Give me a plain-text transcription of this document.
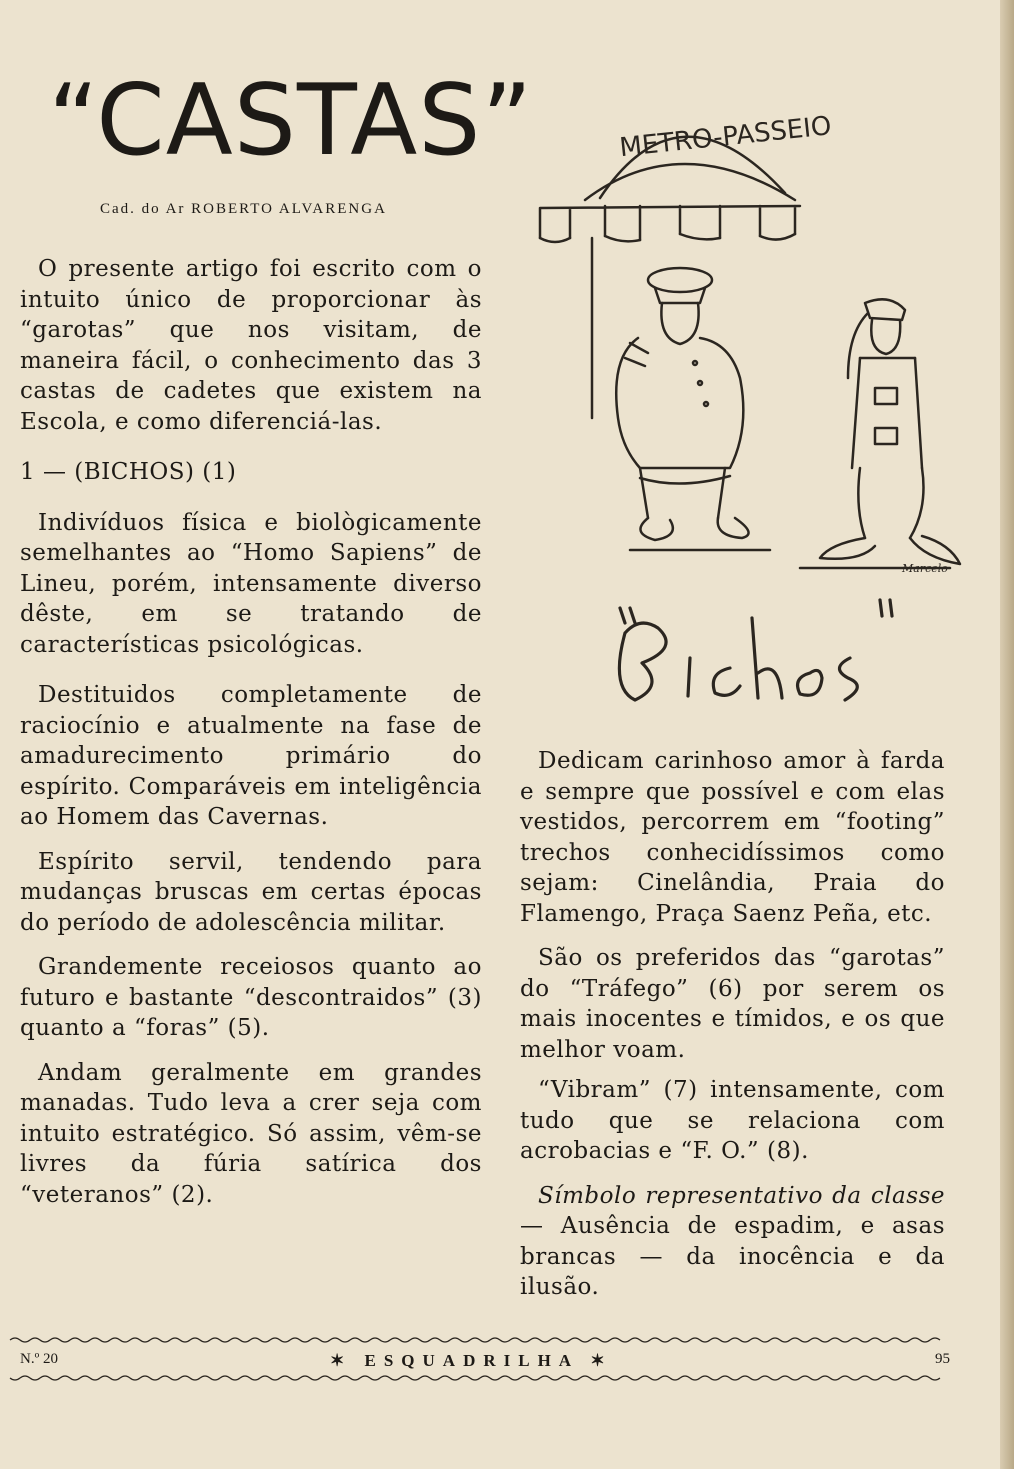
“CASTAS”
Cad. do Ar ROBERTO ALVARENGA

O presente artigo foi escrito com o intuito único de proporcionar às “garotas” que nos visitam, de maneira fácil, o conhecimento das 3 castas de cadetes que existem na Escola, e como diferenciá-las.

1 — (BICHOS) (1)

Indivíduos física e biològicamente semelhantes ao “Homo Sapiens” de Lineu, porém, intensamente diverso dêste, em se tratando de características psicológicas.

Destituidos completamente de raciocínio e atualmente na fase de amadurecimento primário do espírito. Comparáveis em inteligência ao Homem das Cavernas.

Espírito servil, tendendo para mudanças bruscas em certas épocas do período de adolescência militar.

Grandemente receiosos quanto ao futuro e bastante “descontraidos” (3) quanto a “foras” (5).

Andam geralmente em grandes manadas. Tudo leva a crer seja com intuito estratégico. Só assim, vêm-se livres da fúria satírica dos “veteranos” (2).

METRO-PASSEIO
Marcelo

Dedicam carinhoso amor à farda e sempre que possível e com elas vestidos, percorrem em “footing” trechos conhecidíssimos como sejam: Cinelândia, Praia do Flamengo, Praça Saenz Peña, etc.

São os preferidos das “garotas” do “Tráfego” (6) por serem os mais inocentes e tímidos, e os que melhor voam.

“Vibram” (7) intensamente, com tudo que se relaciona com acrobacias e “F. O.” (8).

Símbolo representativo da classe — Ausência de espadim, e asas brancas — da inocência e da ilusão.

N.º 20	✶ ESQUADRILHA ✶	95
